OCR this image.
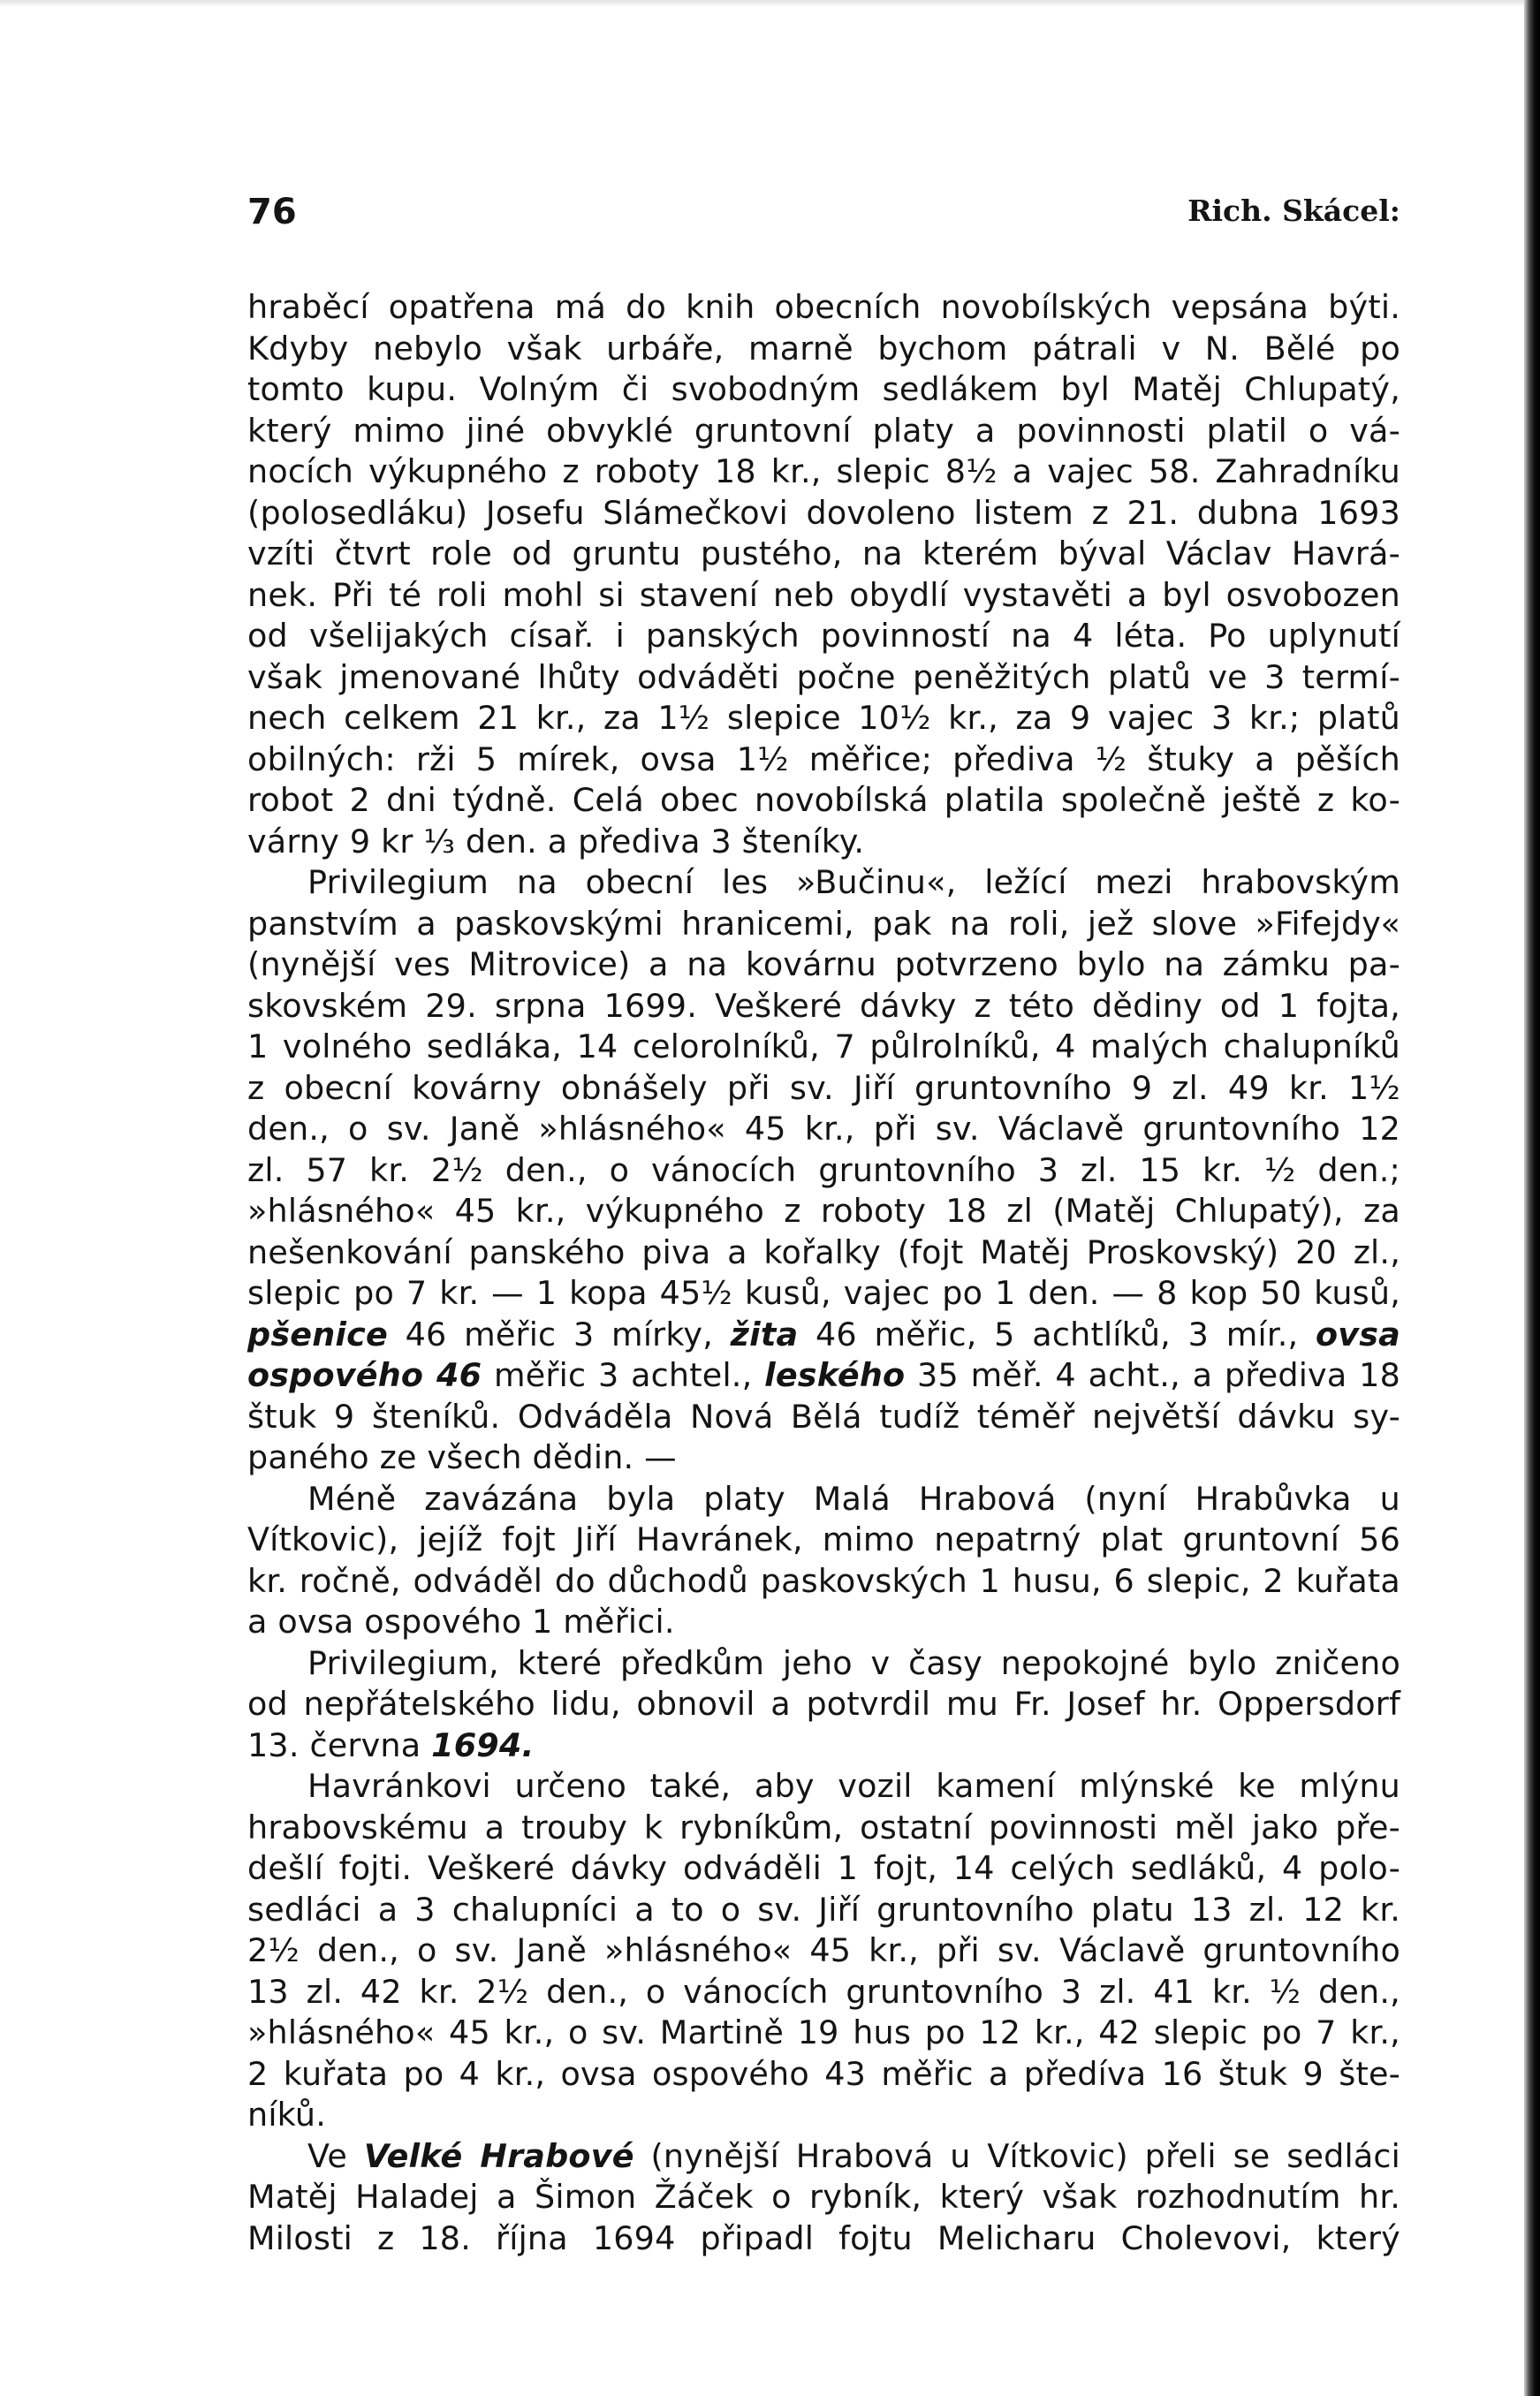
76	Rich. Skácel:
hraběcí opatřena má do knih obecních novobílských vepsána býti.
Kdyby nebylo však urbáře, marně bychom pátrali v N. Bělé po
tomto kupu. Volným či svobodným sedlákem byl Matěj Chlupatý,
který mimo jiné obvyklé gruntovní platy a povinnosti platil o vá-
nocích výkupného z roboty 18 kr., slepic 8½ a vajec 58. Zahradníku
(polosedláku) Josefu Slámečkovi dovoleno listem z 21. dubna 1693
vzíti čtvrt role od gruntu pustého, na kterém býval Václav Havrá-
nek. Při té roli mohl si stavení neb obydlí vystavěti a byl osvobozen
od všelijakých císař. i panských povinností na 4 léta. Po uplynutí
však jmenované lhůty odváděti počne peněžitých platů ve 3 termí-
nech celkem 21 kr., za 1½ slepice 10½ kr., za 9 vajec 3 kr.; platů
obilných: rži 5 mírek, ovsa 1½ měřice; přediva ½ štuky a pěších
robot 2 dni týdně. Celá obec novobílská platila společně ještě z ko-
várny 9 kr ⅓ den. a přediva 3 šteníky.
Privilegium na obecní les »Bučinu«, ležící mezi hrabovským
panstvím a paskovskými hranicemi, pak na roli, jež slove »Fifejdy«
(nynější ves Mitrovice) a na kovárnu potvrzeno bylo na zámku pa-
skovském 29. srpna 1699. Veškeré dávky z této dědiny od 1 fojta,
1 volného sedláka, 14 celorolníků, 7 půlrolníků, 4 malých chalupníků
z obecní kovárny obnášely při sv. Jiří gruntovního 9 zl. 49 kr. 1½
den., o sv. Janě »hlásného« 45 kr., při sv. Václavě gruntovního 12
zl. 57 kr. 2½ den., o vánocích gruntovního 3 zl. 15 kr. ½ den.;
»hlásného« 45 kr., výkupného z roboty 18 zl (Matěj Chlupatý), za
nešenkování panského piva a kořalky (fojt Matěj Proskovský) 20 zl.,
slepic po 7 kr. — 1 kopa 45½ kusů, vajec po 1 den. — 8 kop 50 kusů,
pšenice 46 měřic 3 mírky, žita 46 měřic, 5 achtlíků, 3 mír., ovsa
ospového 46 měřic 3 achtel., leského 35 měř. 4 acht., a přediva 18
štuk 9 šteníků. Odváděla Nová Bělá tudíž téměř největší dávku sy-
paného ze všech dědin. —
Méně zavázána byla platy Malá Hrabová (nyní Hrabůvka u
Vítkovic), jejíž fojt Jiří Havránek, mimo nepatrný plat gruntovní 56
kr. ročně, odváděl do důchodů paskovských 1 husu, 6 slepic, 2 kuřata
a ovsa ospového 1 měřici.
Privilegium, které předkům jeho v časy nepokojné bylo zničeno
od nepřátelského lidu, obnovil a potvrdil mu Fr. Josef hr. Oppersdorf
13. června 1694.
Havránkovi určeno také, aby vozil kamení mlýnské ke mlýnu
hrabovskému a trouby k rybníkům, ostatní povinnosti měl jako pře-
dešlí fojti. Veškeré dávky odváděli 1 fojt, 14 celých sedláků, 4 polo-
sedláci a 3 chalupníci a to o sv. Jiří gruntovního platu 13 zl. 12 kr.
2½ den., o sv. Janě »hlásného« 45 kr., při sv. Václavě gruntovního
13 zl. 42 kr. 2½ den., o vánocích gruntovního 3 zl. 41 kr. ½ den.,
»hlásného« 45 kr., o sv. Martině 19 hus po 12 kr., 42 slepic po 7 kr.,
2 kuřata po 4 kr., ovsa ospového 43 měřic a předíva 16 štuk 9 šte-
níků.
Ve Velké Hrabové (nynější Hrabová u Vítkovic) přeli se sedláci
Matěj Haladej a Šimon Žáček o rybník, který však rozhodnutím hr.
Milosti z 18. října 1694 připadl fojtu Melicharu Cholevovi, který
